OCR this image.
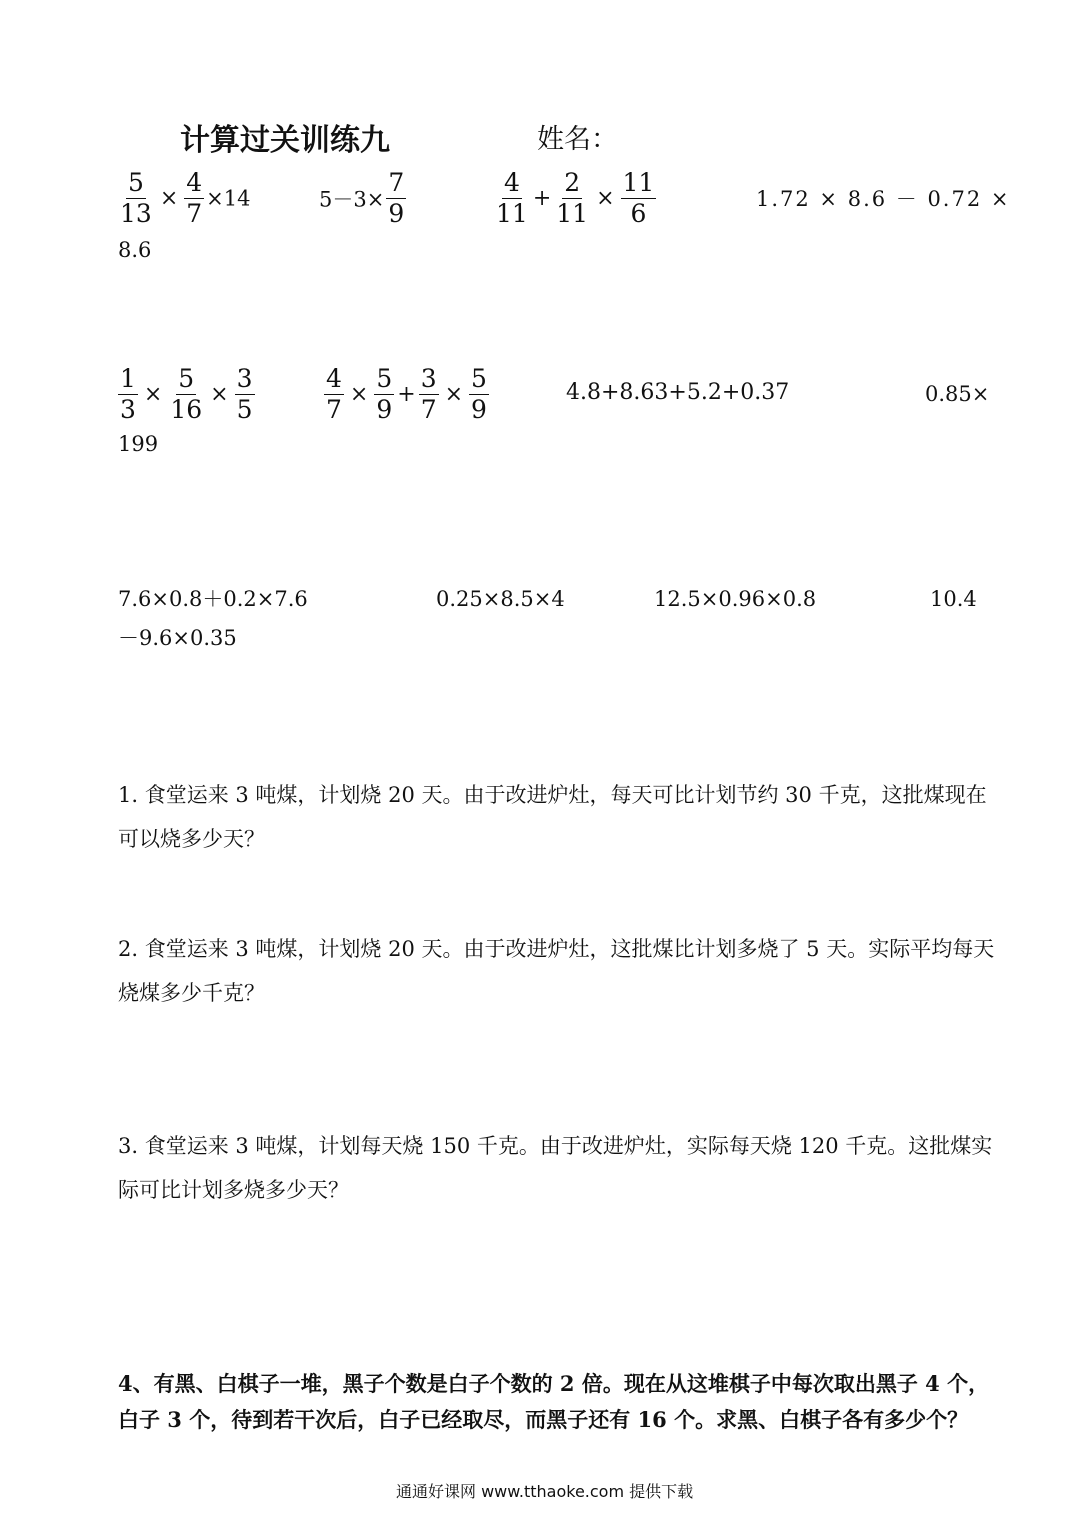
计算过关训练九	姓名：
$\frac{5}{13} \times \frac{4}{7} \times 14$	$5-3\times \frac{7}{9}$	$\frac{4}{11} + \frac{2}{11} \times \frac{11}{6}$	1.72 × 8.6 － 0.72 ×
8.6
$\frac{1}{3} \times \frac{5}{16} \times \frac{3}{5}$	$\frac{4}{7} \times \frac{5}{9} + \frac{3}{7} \times \frac{5}{9}$	4.8+8.63+5.2+0.37	0.85×
199
7.6×0.8＋0.2×7.6	0.25×8.5×4	12.5×0.96×0.8	10.4
－9.6×0.35
1. 食堂运来 3 吨煤，计划烧 20 天。由于改进炉灶，每天可比计划节约 30 千克，这批煤现在可以烧多少天？
2. 食堂运来 3 吨煤，计划烧 20 天。由于改进炉灶，这批煤比计划多烧了 5 天。实际平均每天烧煤多少千克？
3. 食堂运来 3 吨煤，计划每天烧 150 千克。由于改进炉灶，实际每天烧 120 千克。这批煤实际可比计划多烧多少天？
4、有黑、白棋子一堆，黑子个数是白子个数的 2 倍。现在从这堆棋子中每次取出黑子 4 个，白子 3 个，待到若干次后，白子已经取尽，而黑子还有 16 个。求黑、白棋子各有多少个？
通通好课网 www.tthaoke.com 提供下载
